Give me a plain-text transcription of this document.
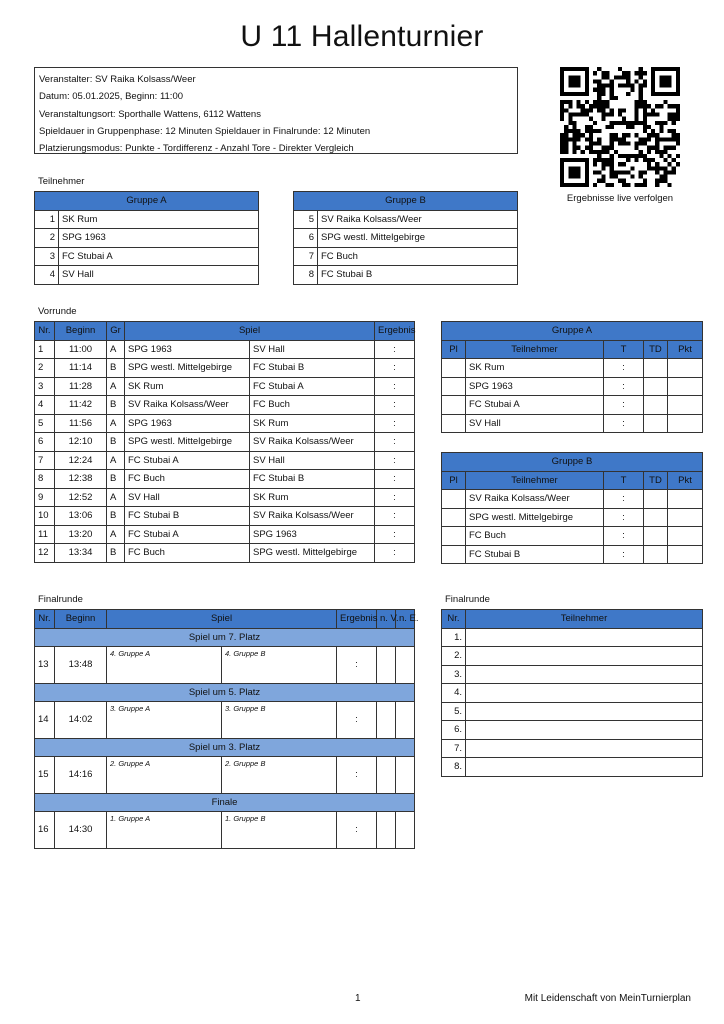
U 11 Hallenturnier
Veranstalter: SV Raika Kolsass/Weer
Datum: 05.01.2025, Beginn: 11:00
Veranstaltungsort: Sporthalle Wattens, 6112 Wattens
Spieldauer in Gruppenphase: 12 Minuten Spieldauer in Finalrunde: 12 Minuten
Platzierungsmodus: Punkte - Tordifferenz - Anzahl Tore - Direkter Vergleich
Ergebnisse live verfolgen
Teilnehmer
Gruppe A	
1	SK Rum
2	SPG 1963
3	FC Stubai A
4	SV Hall
Gruppe B	
5	SV Raika Kolsass/Weer
6	SPG westl. Mittelgebirge
7	FC Buch
8	FC Stubai B
Vorrunde
Nr.	Beginn	Gr	Spiel		Ergebnis
1	11:00	A	SPG 1963	SV Hall	:
2	11:14	B	SPG westl. Mittelgebirge	FC Stubai B	:
3	11:28	A	SK Rum	FC Stubai A	:
4	11:42	B	SV Raika Kolsass/Weer	FC Buch	:
5	11:56	A	SPG 1963	SK Rum	:
6	12:10	B	SPG westl. Mittelgebirge	SV Raika Kolsass/Weer	:
7	12:24	A	FC Stubai A	SV Hall	:
8	12:38	B	FC Buch	FC Stubai B	:
9	12:52	A	SV Hall	SK Rum	:
10	13:06	B	FC Stubai B	SV Raika Kolsass/Weer	:
11	13:20	A	FC Stubai A	SPG 1963	:
12	13:34	B	FC Buch	SPG westl. Mittelgebirge	:
Gruppe A				
Pl	Teilnehmer	T	TD	Pkt
	SK Rum	:		
	SPG 1963	:		
	FC Stubai A	:		
	SV Hall	:		
Gruppe B				
Pl	Teilnehmer	T	TD	Pkt
	SV Raika Kolsass/Weer	:		
	SPG westl. Mittelgebirge	:		
	FC Buch	:		
	FC Stubai B	:		
Finalrunde
Nr.	Beginn	Spiel		Ergebnis	n. V.	n. E.
Spiel um 7. Platz						
13	13:48	4. Gruppe A	4. Gruppe B	:		
Spiel um 5. Platz						
14	14:02	3. Gruppe A	3. Gruppe B	:		
Spiel um 3. Platz						
15	14:16	2. Gruppe A	2. Gruppe B	:		
Finale						
16	14:30	1. Gruppe A	1. Gruppe B	:		
Finalrunde
Nr.	Teilnehmer
1.	
2.	
3.	
4.	
5.	
6.	
7.	
8.	
1	Mit Leidenschaft von MeinTurnierplan
